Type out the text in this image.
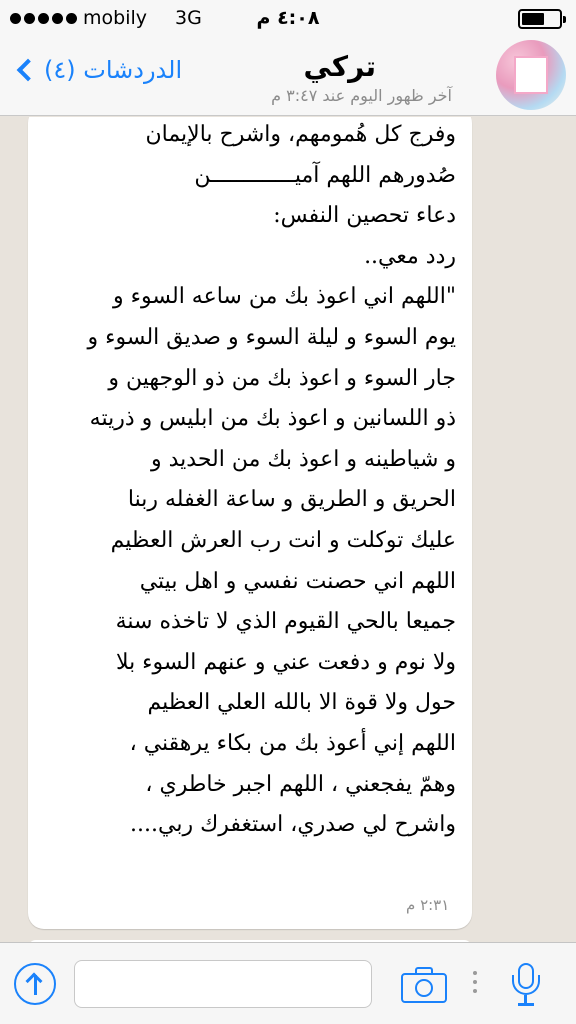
mobily 3G	٤:٠٨ م
الدردشات (٤)	تركي
آخر ظهور اليوم عند ٣:٤٧ م
وفرج كل هُمومهم، واشرح بالإيمان
صُدورهم اللهم آميـــــــــــــن
دعاء تحصين النفس:
ردد معي..
"اللهم اني اعوذ بك من ساعه السوء و
يوم السوء و ليلة السوء و صديق السوء و
جار السوء و اعوذ بك من ذو الوجهين و
ذو اللسانين و اعوذ بك من ابليس و ذريته
و شياطينه و اعوذ بك من الحديد و
الحريق و الطريق و ساعة الغفله ربنا
عليك توكلت و انت رب العرش العظيم
اللهم اني حصنت نفسي و اهل بيتي
جميعا بالحي القيوم الذي لا تاخذه سنة
ولا نوم و دفعت عني و عنهم السوء بلا
حول ولا قوة الا بالله العلي العظيم
اللهم إني أعوذ بك من بكاء يرهقني ،
وهمّ يفجعني ، اللهم اجبر خاطري ،
واشرح لي صدري، استغفرك ربي....
٢:٣١ م
